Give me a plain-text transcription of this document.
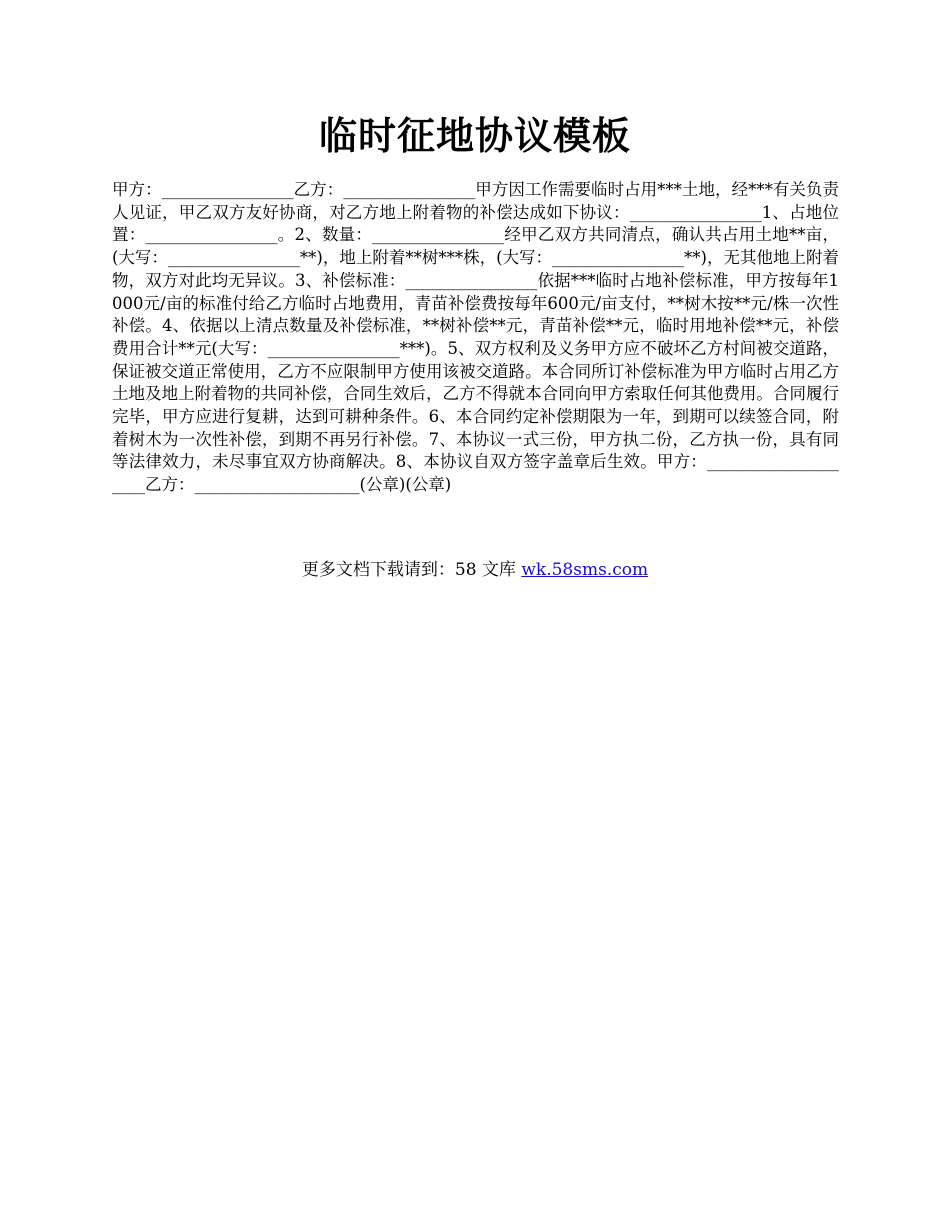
临时征地协议模板
甲方：________________乙方：________________甲方因工作需要临时占用***土地，经***有关负责人见证，甲乙双方友好协商，对乙方地上附着物的补偿达成如下协议：________________1、占地位置：________________。2、数量：________________经甲乙双方共同清点，确认共占用土地**亩，(大写：________________**)，地上附着**树***株，(大写：________________**)，无其他地上附着物，双方对此均无异议。3、补偿标准：________________依据***临时占地补偿标准，甲方按每年1000元/亩的标准付给乙方临时占地费用，青苗补偿费按每年600元/亩支付，**树木按**元/株一次性补偿。4、依据以上清点数量及补偿标准，**树补偿**元，青苗补偿**元，临时用地补偿**元，补偿费用合计**元(大写：________________***)。5、双方权利及义务甲方应不破坏乙方村间被交道路，保证被交道正常使用，乙方不应限制甲方使用该被交道路。本合同所订补偿标准为甲方临时占用乙方土地及地上附着物的共同补偿，合同生效后，乙方不得就本合同向甲方索取任何其他费用。合同履行完毕，甲方应进行复耕，达到可耕种条件。6、本合同约定补偿期限为一年，到期可以续签合同，附着树木为一次性补偿，到期不再另行补偿。7、本协议一式三份，甲方执二份，乙方执一份，具有同等法律效力，未尽事宜双方协商解决。8、本协议自双方签字盖章后生效。甲方：____________________乙方：____________________(公章)(公章)
更多文档下载请到：58 文库 wk.58sms.com
